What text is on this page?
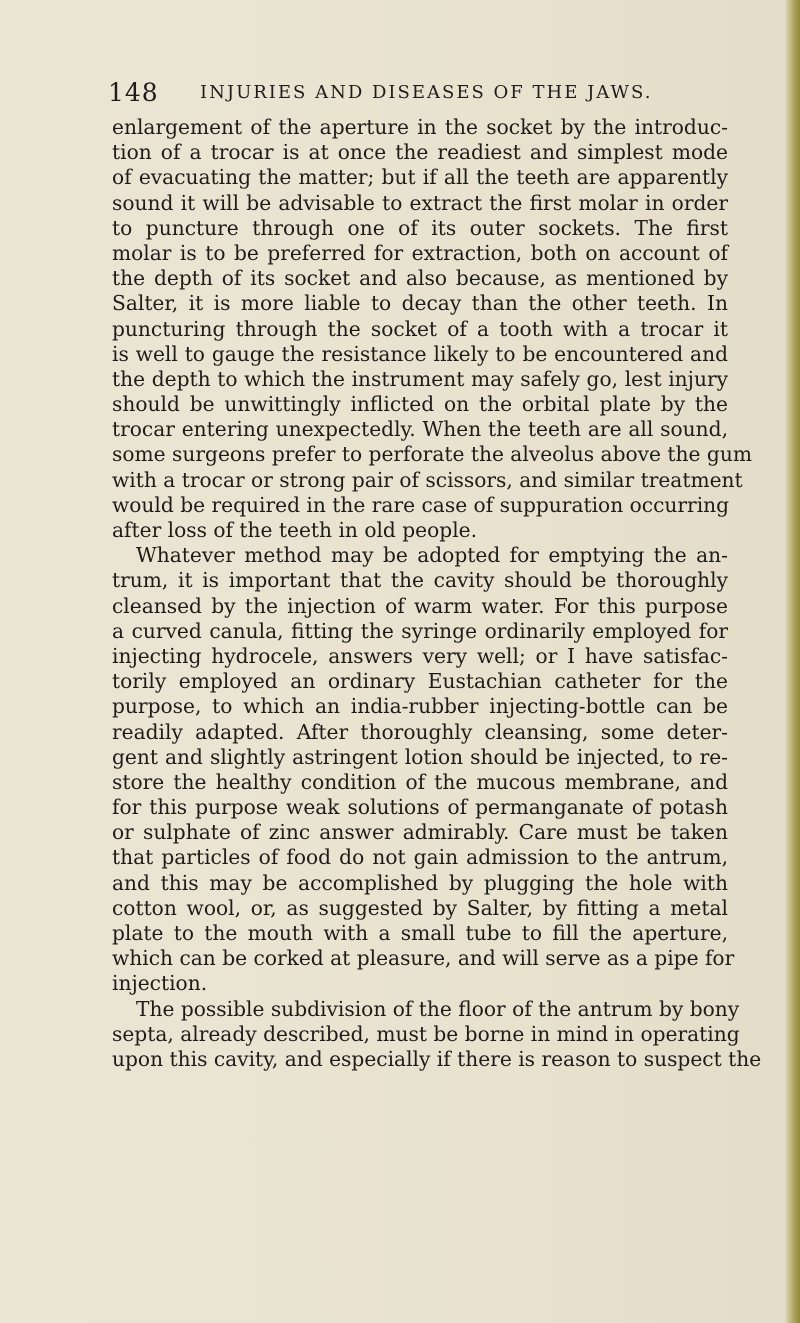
148 INJURIES AND DISEASES OF THE JAWS.
enlargement of the aperture in the socket by the introduc-
tion of a trocar is at once the readiest and simplest mode
of evacuating the matter; but if all the teeth are apparently
sound it will be advisable to extract the first molar in order
to puncture through one of its outer sockets. The first
molar is to be preferred for extraction, both on account of
the depth of its socket and also because, as mentioned by
Salter, it is more liable to decay than the other teeth. In
puncturing through the socket of a tooth with a trocar it
is well to gauge the resistance likely to be encountered and
the depth to which the instrument may safely go, lest injury
should be unwittingly inflicted on the orbital plate by the
trocar entering unexpectedly. When the teeth are all sound,
some surgeons prefer to perforate the alveolus above the gum
with a trocar or strong pair of scissors, and similar treatment
would be required in the rare case of suppuration occurring
after loss of the teeth in old people.
Whatever method may be adopted for emptying the an-
trum, it is important that the cavity should be thoroughly
cleansed by the injection of warm water. For this purpose
a curved canula, fitting the syringe ordinarily employed for
injecting hydrocele, answers very well; or I have satisfac-
torily employed an ordinary Eustachian catheter for the
purpose, to which an india-rubber injecting-bottle can be
readily adapted. After thoroughly cleansing, some deter-
gent and slightly astringent lotion should be injected, to re-
store the healthy condition of the mucous membrane, and
for this purpose weak solutions of permanganate of potash
or sulphate of zinc answer admirably. Care must be taken
that particles of food do not gain admission to the antrum,
and this may be accomplished by plugging the hole with
cotton wool, or, as suggested by Salter, by fitting a metal
plate to the mouth with a small tube to fill the aperture,
which can be corked at pleasure, and will serve as a pipe for
injection.
The possible subdivision of the floor of the antrum by bony
septa, already described, must be borne in mind in operating
upon this cavity, and especially if there is reason to suspect the
